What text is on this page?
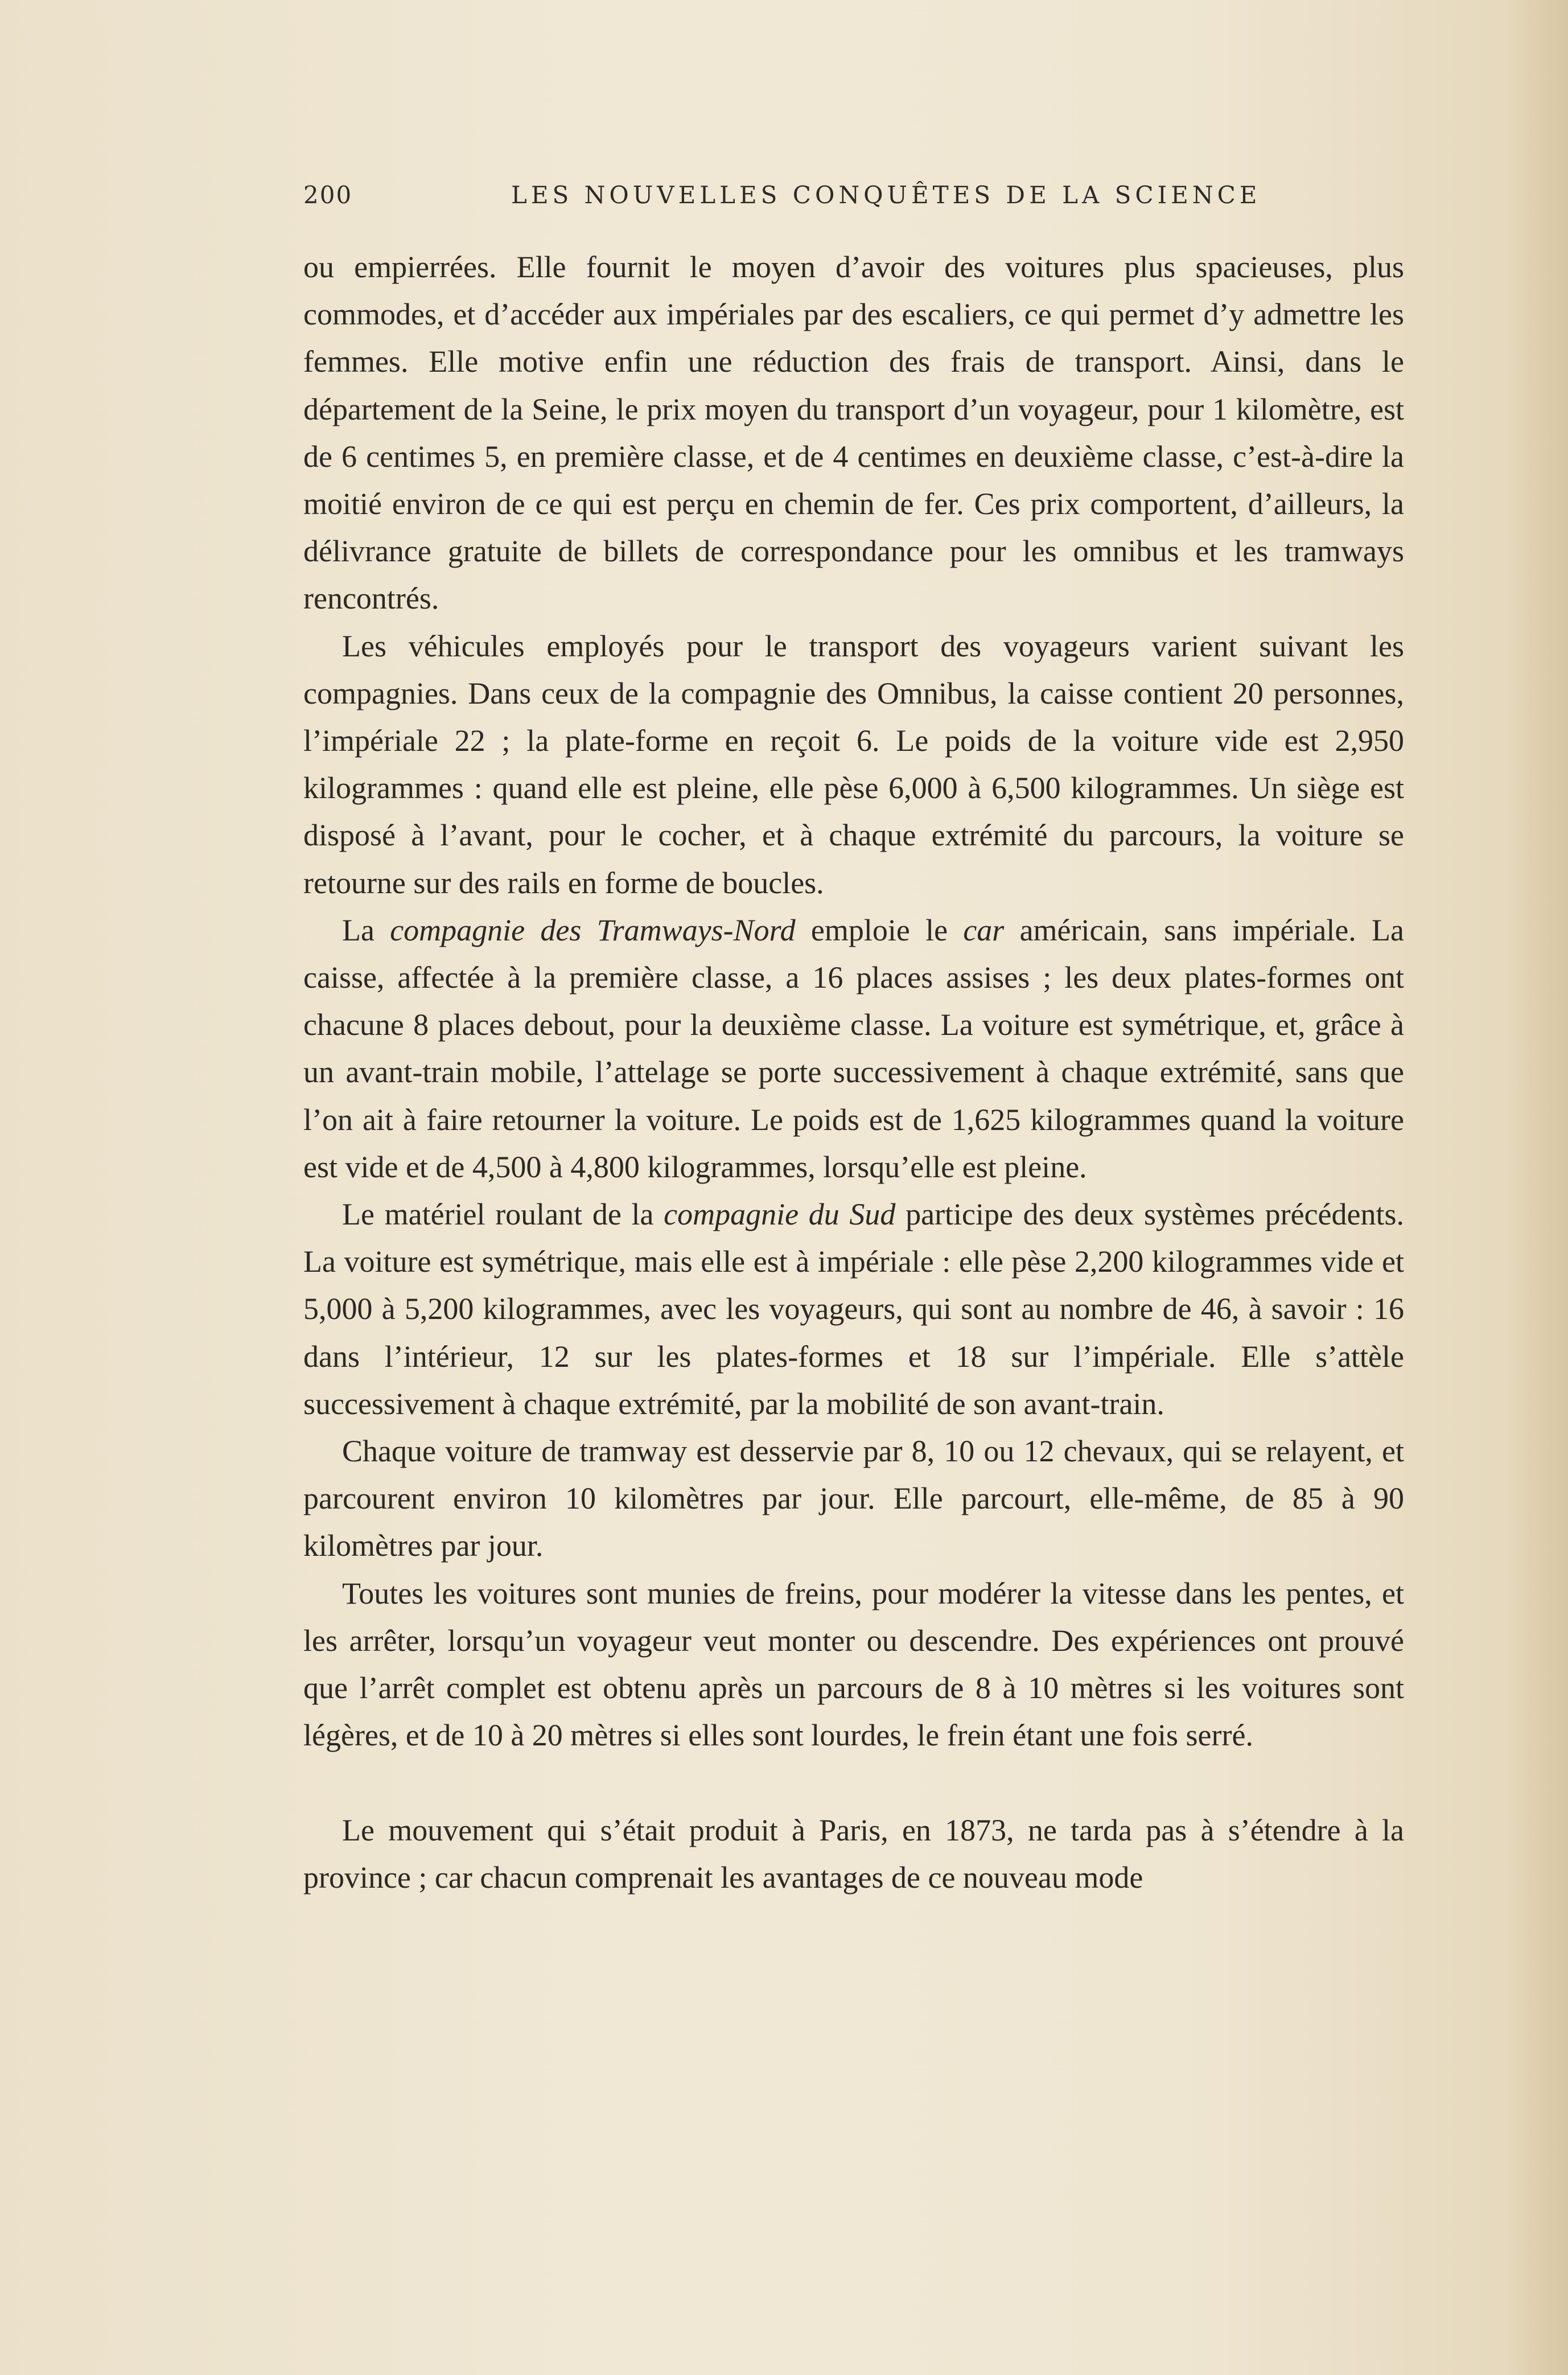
200	LES NOUVELLES CONQUÊTES DE LA SCIENCE

ou empierrées. Elle fournit le moyen d’avoir des voitures plus spacieuses, plus commodes, et d’accéder aux impériales par des escaliers, ce qui permet d’y admettre les femmes. Elle motive enfin une réduction des frais de transport. Ainsi, dans le département de la Seine, le prix moyen du transport d’un voyageur, pour 1 kilomètre, est de 6 centimes 5, en première classe, et de 4 centimes en deuxième classe, c’est-à-dire la moitié environ de ce qui est perçu en chemin de fer. Ces prix comportent, d’ailleurs, la délivrance gratuite de billets de correspondance pour les omnibus et les tramways rencontrés.

Les véhicules employés pour le transport des voyageurs varient suivant les compagnies. Dans ceux de la compagnie des Omnibus, la caisse contient 20 personnes, l’impériale 22 ; la plate-forme en reçoit 6. Le poids de la voiture vide est 2,950 kilogrammes : quand elle est pleine, elle pèse 6,000 à 6,500 kilogrammes. Un siège est disposé à l’avant, pour le cocher, et à chaque extrémité du parcours, la voiture se retourne sur des rails en forme de boucles.

La compagnie des Tramways-Nord emploie le car américain, sans impériale. La caisse, affectée à la première classe, a 16 places assises ; les deux plates-formes ont chacune 8 places debout, pour la deuxième classe. La voiture est symétrique, et, grâce à un avant-train mobile, l’attelage se porte successivement à chaque extrémité, sans que l’on ait à faire retourner la voiture. Le poids est de 1,625 kilogrammes quand la voiture est vide et de 4,500 à 4,800 kilogrammes, lorsqu’elle est pleine.

Le matériel roulant de la compagnie du Sud participe des deux systèmes précédents. La voiture est symétrique, mais elle est à impériale : elle pèse 2,200 kilogrammes vide et 5,000 à 5,200 kilogrammes, avec les voyageurs, qui sont au nombre de 46, à savoir : 16 dans l’intérieur, 12 sur les plates-formes et 18 sur l’impériale. Elle s’attèle successivement à chaque extrémité, par la mobilité de son avant-train.

Chaque voiture de tramway est desservie par 8, 10 ou 12 chevaux, qui se relayent, et parcourent environ 10 kilomètres par jour. Elle parcourt, elle-même, de 85 à 90 kilomètres par jour.

Toutes les voitures sont munies de freins, pour modérer la vitesse dans les pentes, et les arrêter, lorsqu’un voyageur veut monter ou descendre. Des expériences ont prouvé que l’arrêt complet est obtenu après un parcours de 8 à 10 mètres si les voitures sont légères, et de 10 à 20 mètres si elles sont lourdes, le frein étant une fois serré.

Le mouvement qui s’était produit à Paris, en 1873, ne tarda pas à s’étendre à la province ; car chacun comprenait les avantages de ce nouveau mode
